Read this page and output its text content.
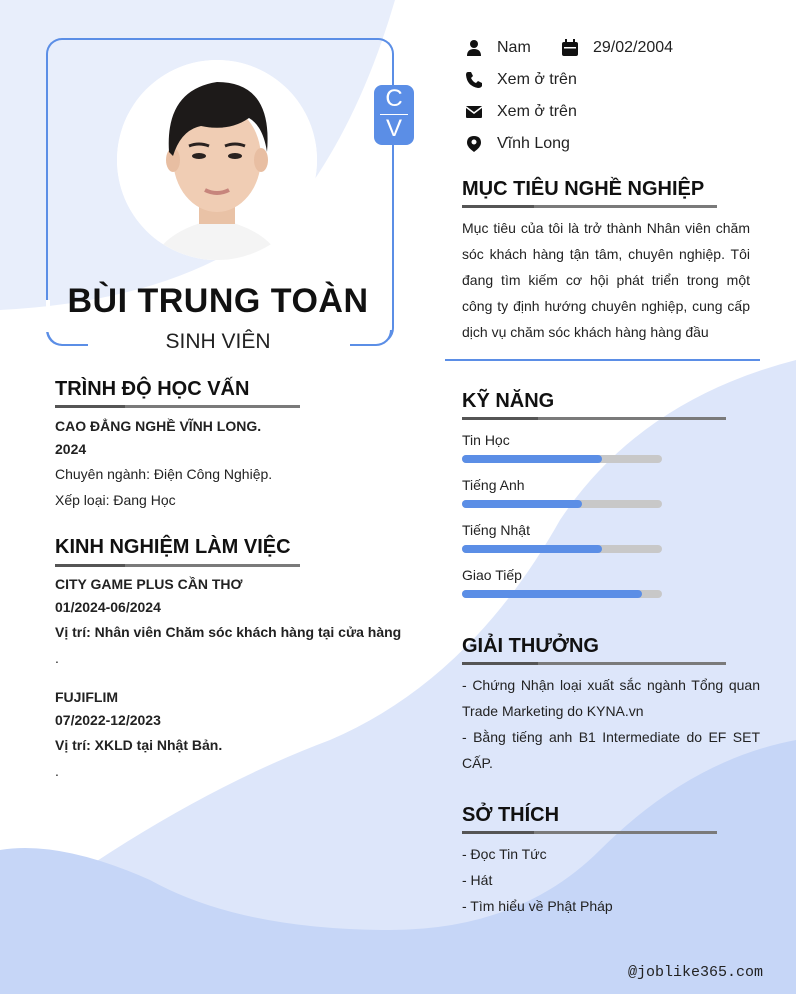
C
V
BÙI TRUNG TOÀN
SINH VIÊN
Nam	29/02/2004
Xem ở trên
Xem ở trên
Vĩnh Long
MỤC TIÊU NGHỀ NGHIỆP
Mục tiêu của tôi là trở thành Nhân viên chăm sóc khách hàng tận tâm, chuyên nghiệp. Tôi đang tìm kiếm cơ hội phát triển trong một công ty định hướng chuyên nghiệp, cung cấp dịch vụ chăm sóc khách hàng hàng đầu
TRÌNH ĐỘ HỌC VẤN
CAO ĐẲNG NGHỀ VĨNH LONG.
2024
Chuyên ngành: Điện Công Nghiệp.
Xếp loại: Đang Học
KINH NGHIỆM LÀM VIỆC
CITY GAME PLUS CẦN THƠ
01/2024-06/2024
Vị trí: Nhân viên Chăm sóc khách hàng tại cửa hàng
.
FUJIFLIM
07/2022-12/2023
Vị trí: XKLD tại Nhật Bản.
.
KỸ NĂNG
Tin Học
Tiếng Anh
Tiếng Nhật
Giao Tiếp
GIẢI THƯỞNG
- Chứng Nhận loại xuất sắc ngành Tổng quan Trade Marketing do KYNA.vn
- Bằng tiếng anh B1 Intermediate do EF SET CẤP.
SỞ THÍCH
- Đọc Tin Tức
- Hát
- Tìm hiểu về Phật Pháp
@joblike365.com
